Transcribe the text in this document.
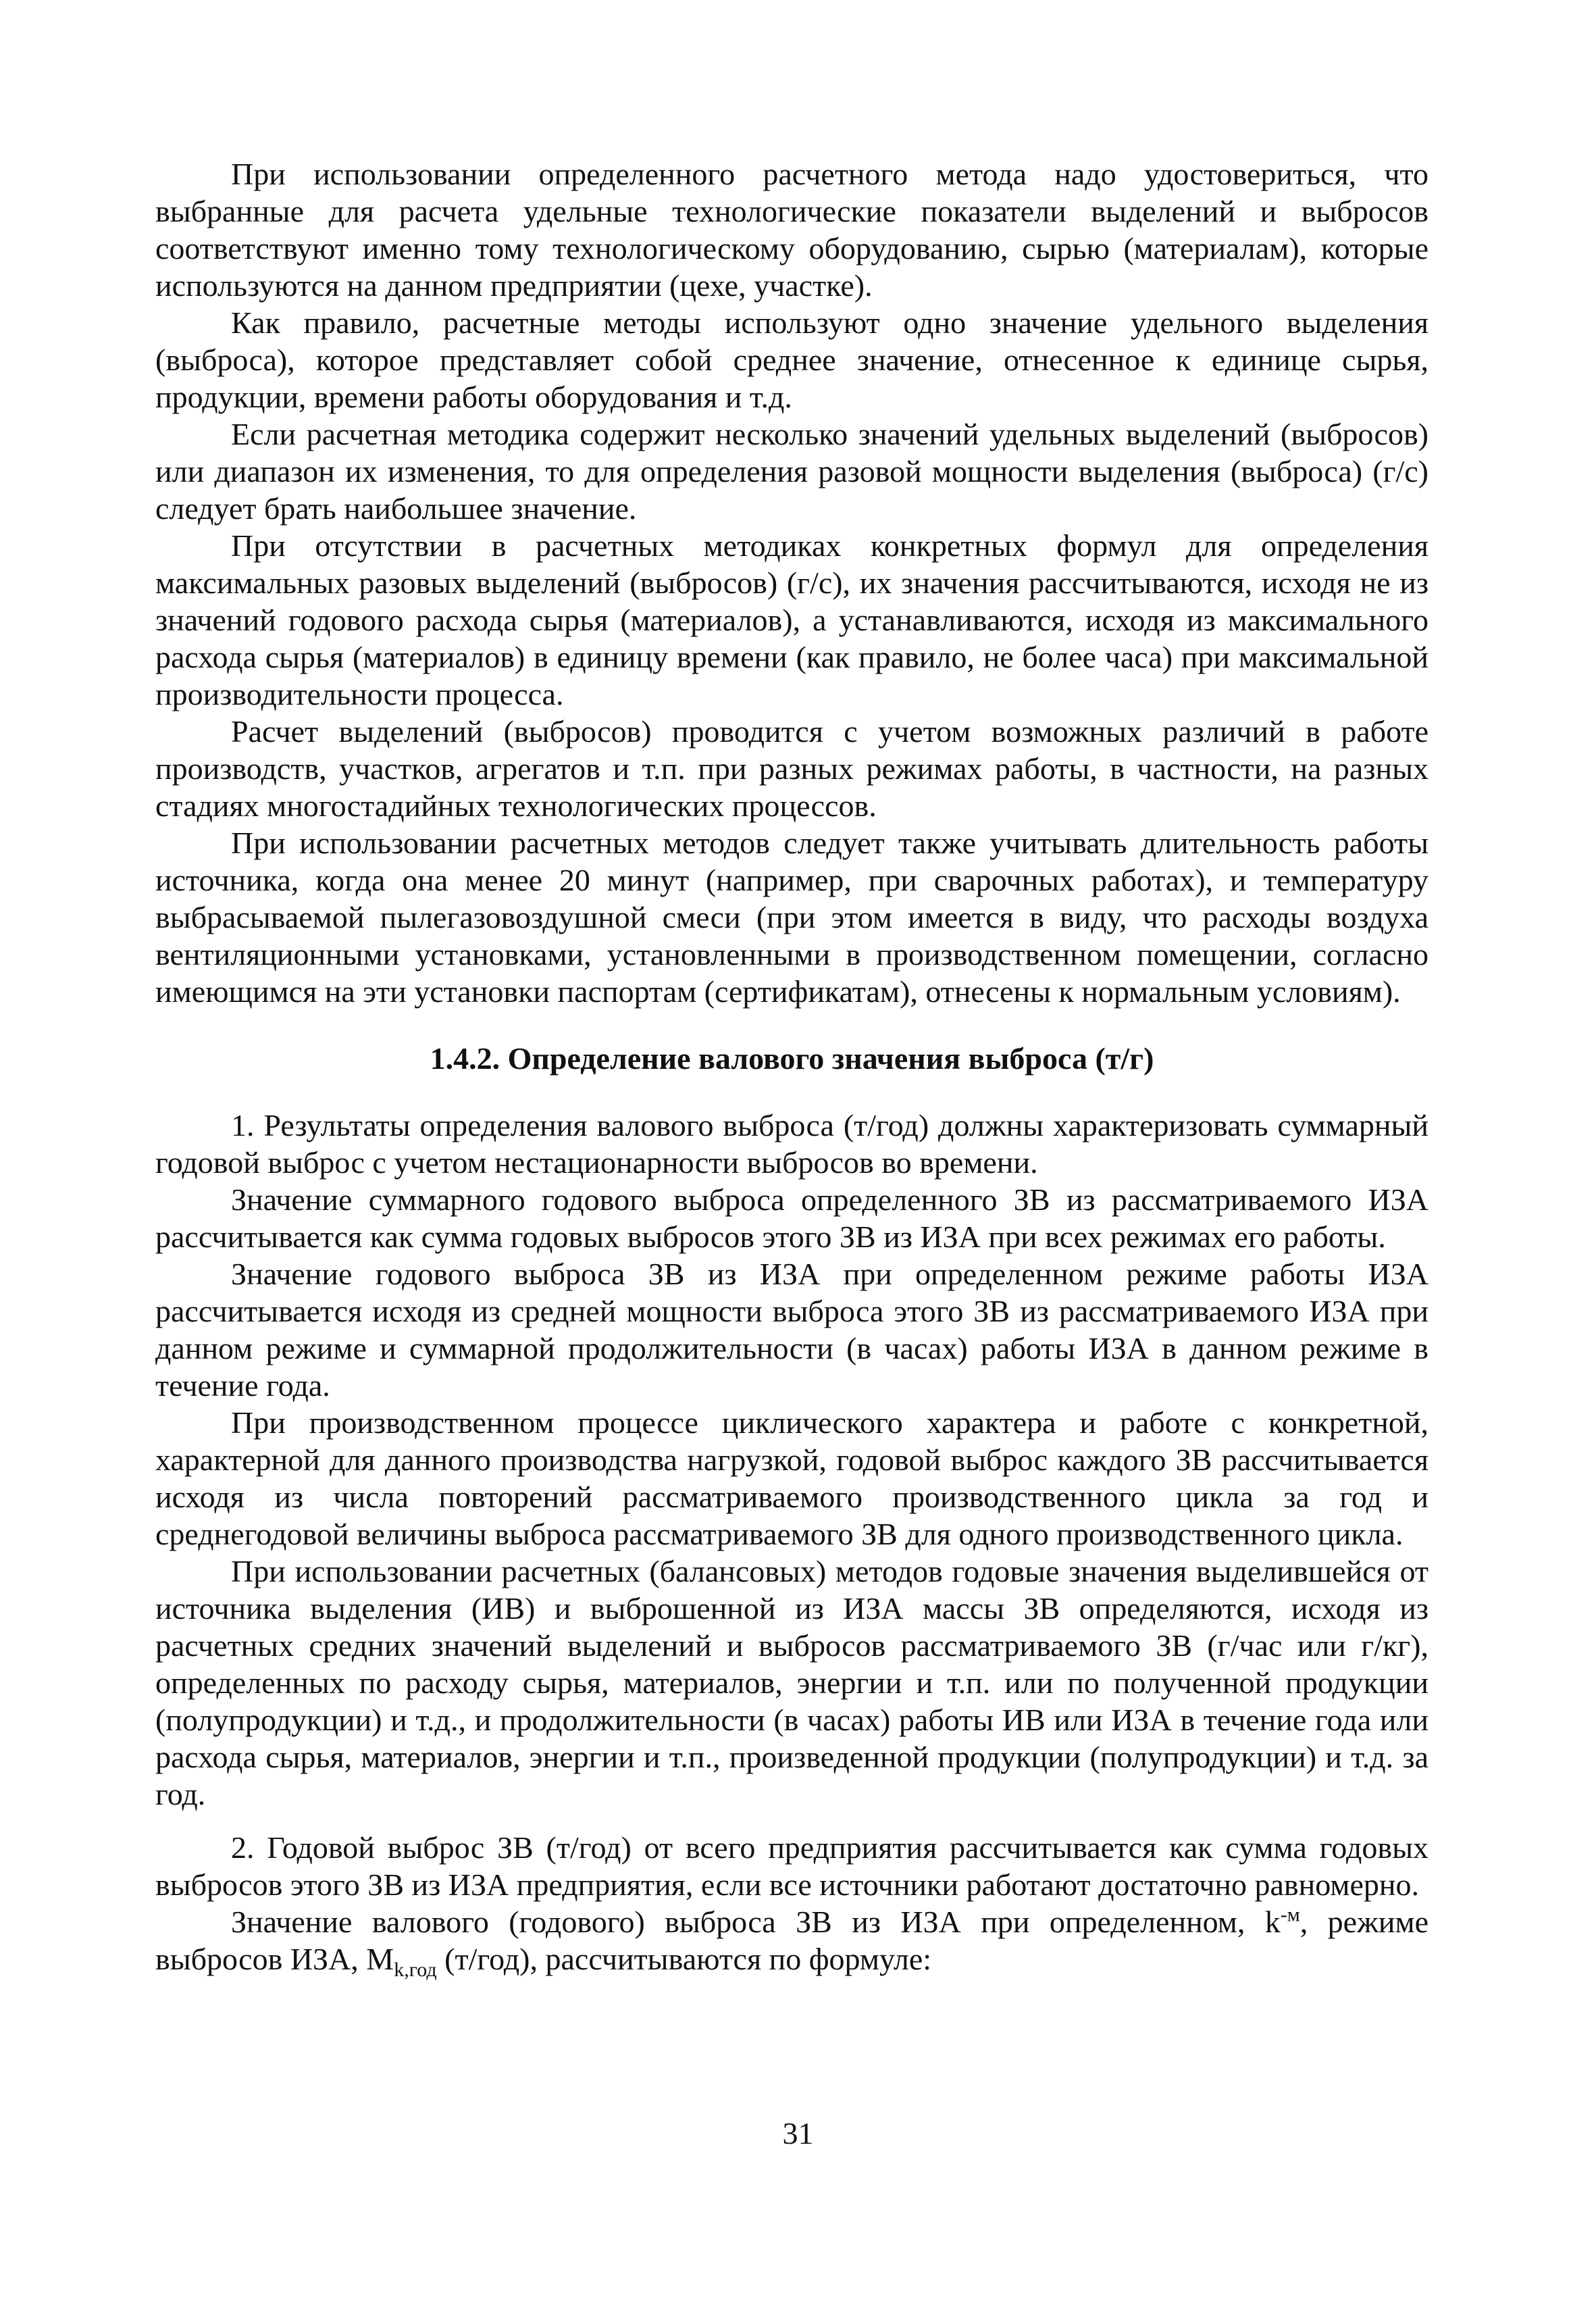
При использовании определенного расчетного метода надо удостовериться, что выбранные для расчета удельные технологические показатели выделений и выбросов соответствуют именно тому технологическому оборудованию, сырью (материалам), которые используются на данном предприятии (цехе, участке).

Как правило, расчетные методы используют одно значение удельного выделения (выброса), которое представляет собой среднее значение, отнесенное к единице сырья, продукции, времени работы оборудования и т.д.

Если расчетная методика содержит несколько значений удельных выделений (выбросов) или диапазон их изменения, то для определения разовой мощности выделения (выброса) (г/с) следует брать наибольшее значение.

При отсутствии в расчетных методиках конкретных формул для определения максимальных разовых выделений (выбросов) (г/с), их значения рассчитываются, исходя не из значений годового расхода сырья (материалов), а устанавливаются, исходя из максимального расхода сырья (материалов) в единицу времени (как правило, не более часа) при максимальной производительности процесса.

Расчет выделений (выбросов) проводится с учетом возможных различий в работе производств, участков, агрегатов и т.п. при разных режимах работы, в частности, на разных стадиях многостадийных технологических процессов.

При использовании расчетных методов следует также учитывать длительность работы источника, когда она менее 20 минут (например, при сварочных работах), и температуру выбрасываемой пылегазовоздушной смеси (при этом имеется в виду, что расходы воздуха вентиляционными установками, установленными в производственном помещении, согласно имеющимся на эти установки паспортам (сертификатам), отнесены к нормальным условиям).

1.4.2. Определение валового значения выброса (т/г)

1. Результаты определения валового выброса (т/год) должны характеризовать суммарный годовой выброс с учетом нестационарности выбросов во времени.

Значение суммарного годового выброса определенного ЗВ из рассматриваемого ИЗА рассчитывается как сумма годовых выбросов этого ЗВ из ИЗА при всех режимах его работы.

Значение годового выброса ЗВ из ИЗА при определенном режиме работы ИЗА рассчитывается исходя из средней мощности выброса этого ЗВ из рассматриваемого ИЗА при данном режиме и суммарной продолжительности (в часах) работы ИЗА в данном режиме в течение года.

При производственном процессе циклического характера и работе с конкретной, характерной для данного производства нагрузкой, годовой выброс каждого ЗВ рассчитывается исходя из числа повторений рассматриваемого производственного цикла за год и среднегодовой величины выброса рассматриваемого ЗВ для одного производственного цикла.

При использовании расчетных (балансовых) методов годовые значения выделившейся от источника выделения (ИВ) и выброшенной из ИЗА массы ЗВ определяются, исходя из расчетных средних значений выделений и выбросов рассматриваемого ЗВ (г/час или г/кг), определенных по расходу сырья, материалов, энергии и т.п. или по полученной продукции (полупродукции) и т.д., и продолжительности (в часах) работы ИВ или ИЗА в течение года или расхода сырья, материалов, энергии и т.п., произведенной продукции (полупродукции) и т.д. за год.

2. Годовой выброс ЗВ (т/год) от всего предприятия рассчитывается как сумма годовых выбросов этого ЗВ из ИЗА предприятия, если все источники работают достаточно равномерно.

Значение валового (годового) выброса ЗВ из ИЗА при определенном, $k^{-м}$, режиме выбросов ИЗА, $M_{k,год}$ (т/год), рассчитываются по формуле:

31
